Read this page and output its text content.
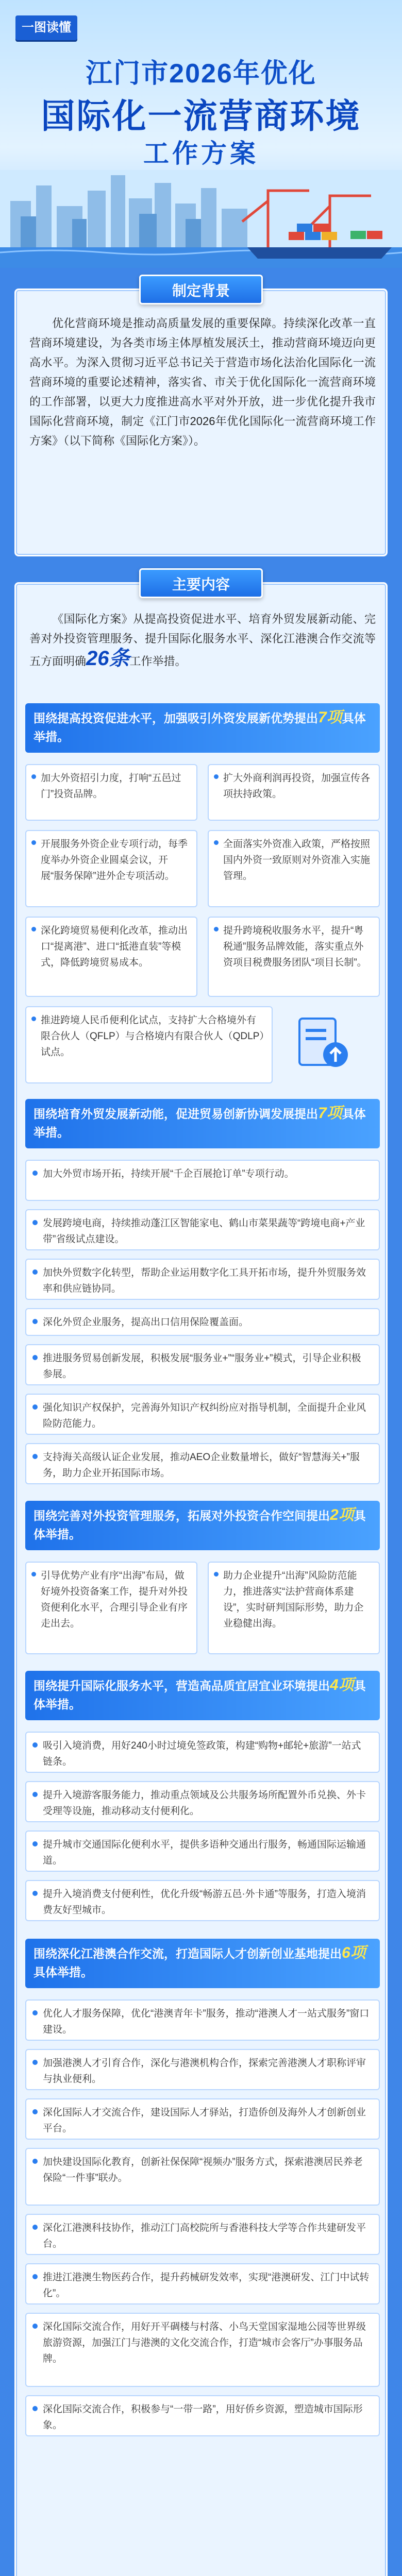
一图读懂
江门市2026年优化
国际化一流营商环境
工作方案
制定背景

优化营商环境是推动高质量发展的重要保障。持续深化改革一直营商环境建设，为各类市场主体厚植发展沃土，推动营商环境迈向更高水平。为深入贯彻习近平总书记关于营造市场化法治化国际化一流营商环境的重要论述精神，落实省、市关于优化国际化一流营商环境的工作部署，以更大力度推进高水平对外开放，进一步优化提升我市国际化营商环境，制定《江门市2026年优化国际化一流营商环境工作方案》（以下简称《国际化方案》）。

主要内容

《国际化方案》从提高投资促进水平、培育外贸发展新动能、完善对外投资管理服务、提升国际化服务水平、深化江港澳合作交流等五方面明确26条工作举措。

围绕提高投资促进水平，加强吸引外资发展新优势提出7项具体举措。
加大外资招引力度，打响“五邑过门”投资品牌。
扩大外商利润再投资，加强宣传各项扶持政策。
开展服务外资企业专项行动，每季度举办外资企业圆桌会议，开展“服务保障”进外企专项活动。
全面落实外资准入政策，严格按照国内外资一致原则对外资准入实施管理。
深化跨境贸易便利化改革，推动出口“提离港”、进口“抵港直装”等模式，降低跨境贸易成本。
提升跨境税收服务水平，提升“粤税通”服务品牌效能，落实重点外资项目税费服务团队“项目长制”。
推进跨境人民币便利化试点，支持扩大合格境外有限合伙人（QFLP）与合格境内有限合伙人（QDLP）试点。
围绕培育外贸发展新动能，促进贸易创新协调发展提出7项具体举措。
加大外贸市场开拓，持续开展“千企百展抢订单”专项行动。
发展跨境电商，持续推动蓬江区智能家电、鹤山市菜果蔬等“跨境电商+产业带”省级试点建设。
加快外贸数字化转型，帮助企业运用数字化工具开拓市场，提升外贸服务效率和供应链协同。
深化外贸企业服务，提高出口信用保险覆盖面。
推进服务贸易创新发展，积极发展“服务业+”“服务业+”模式，引导企业积极参展。
强化知识产权保护，完善海外知识产权纠纷应对指导机制，全面提升企业风险防范能力。
支持海关高级认证企业发展，推动AEO企业数量增长，做好“智慧海关+”服务，助力企业开拓国际市场。
围绕完善对外投资管理服务，拓展对外投资合作空间提出2项具体举措。
引导优势产业有序“出海”布局，做好境外投资备案工作，提升对外投资便利化水平，合理引导企业有序走出去。
助力企业提升“出海”风险防范能力，推进落实“法护营商体系建设”，实时研判国际形势，助力企业稳健出海。
围绕提升国际化服务水平，营造高品质宜居宜业环境提出4项具体举措。
吸引入境消费，用好240小时过境免签政策，构建“购物+邮轮+旅游”一站式链条。
提升入境游客服务能力，推动重点领域及公共服务场所配置外币兑换、外卡受理等设施，推动移动支付便利化。
提升城市交通国际化便利水平，提供多语种交通出行服务，畅通国际运输通道。
提升入境消费支付便利性，优化升级“畅游五邑·外卡通”等服务，打造入境消费友好型城市。
围绕深化江港澳合作交流，打造国际人才创新创业基地提出6项具体举措。
优化人才服务保障，优化“港澳青年卡”服务，推动“港澳人才一站式服务”窗口建设。
加强港澳人才引育合作，深化与港澳机构合作，探索完善港澳人才职称评审与执业便利。
深化国际人才交流合作，建设国际人才驿站，打造侨创及海外人才创新创业平台。
加快建设国际化教育，创新社保保障“视频办”服务方式，探索港澳居民养老保险“一件事”联办。
深化江港澳科技协作，推动江门高校院所与香港科技大学等合作共建研发平台。
推进江港澳生物医药合作，提升药械研发效率，实现“港澳研发、江门中试转化”。
深化国际交流合作，用好开平碉楼与村落、小鸟天堂国家湿地公园等世界级旅游资源，加强江门与港澳的文化交流合作，打造“城市会客厅”办事服务品牌。
深化国际交流合作，积极参与“一带一路”，用好侨乡资源，塑造城市国际形象。
